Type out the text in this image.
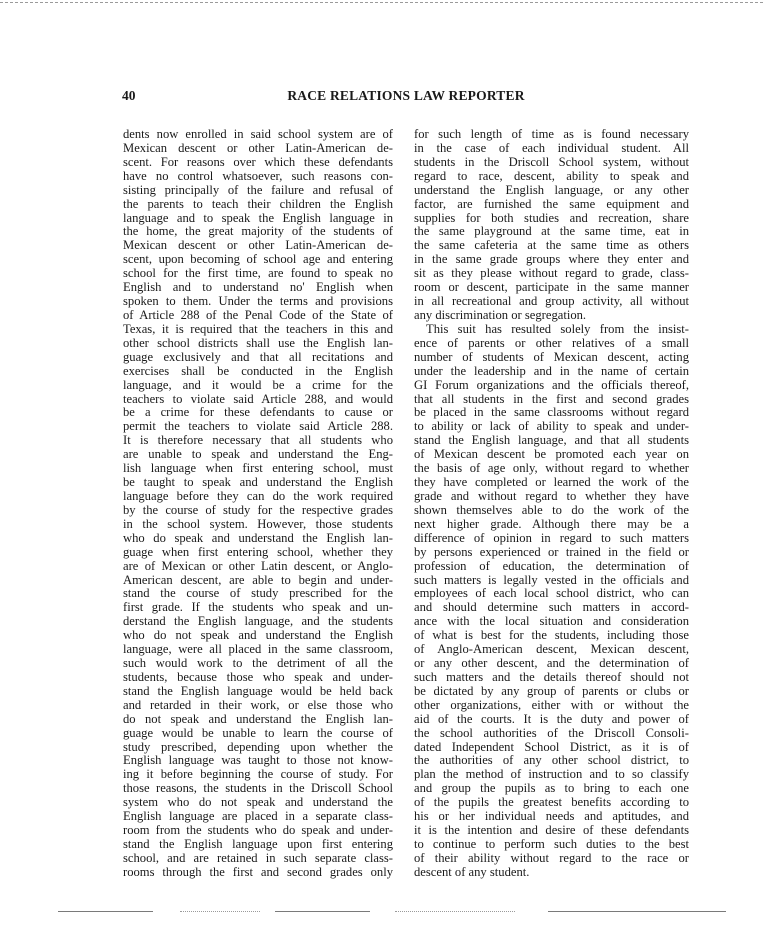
40	RACE RELATIONS LAW REPORTER
dents now enrolled in said school system are of
Mexican descent or other Latin-American de-
scent. For reasons over which these defendants
have no control whatsoever, such reasons con-
sisting principally of the failure and refusal of
the parents to teach their children the English
language and to speak the English language in
the home, the great majority of the students of
Mexican descent or other Latin-American de-
scent, upon becoming of school age and entering
school for the first time, are found to speak no
English and to understand no' English when
spoken to them. Under the terms and provisions
of Article 288 of the Penal Code of the State of
Texas, it is required that the teachers in this and
other school districts shall use the English lan-
guage exclusively and that all recitations and
exercises shall be conducted in the English
language, and it would be a crime for the
teachers to violate said Article 288, and would
be a crime for these defendants to cause or
permit the teachers to violate said Article 288.
It is therefore necessary that all students who
are unable to speak and understand the Eng-
lish language when first entering school, must
be taught to speak and understand the English
language before they can do the work required
by the course of study for the respective grades
in the school system. However, those students
who do speak and understand the English lan-
guage when first entering school, whether they
are of Mexican or other Latin descent, or Anglo-
American descent, are able to begin and under-
stand the course of study prescribed for the
first grade. If the students who speak and un-
derstand the English language, and the students
who do not speak and understand the English
language, were all placed in the same classroom,
such would work to the detriment of all the
students, because those who speak and under-
stand the English language would be held back
and retarded in their work, or else those who
do not speak and understand the English lan-
guage would be unable to learn the course of
study prescribed, depending upon whether the
English language was taught to those not know-
ing it before beginning the course of study. For
those reasons, the students in the Driscoll School
system who do not speak and understand the
English language are placed in a separate class-
room from the students who do speak and under-
stand the English language upon first entering
school, and are retained in such separate class-
rooms through the first and second grades only
for such length of time as is found necessary
in the case of each individual student. All
students in the Driscoll School system, without
regard to race, descent, ability to speak and
understand the English language, or any other
factor, are furnished the same equipment and
supplies for both studies and recreation, share
the same playground at the same time, eat in
the same cafeteria at the same time as others
in the same grade groups where they enter and
sit as they please without regard to grade, class-
room or descent, participate in the same manner
in all recreational and group activity, all without
any discrimination or segregation.
This suit has resulted solely from the insist-
ence of parents or other relatives of a small
number of students of Mexican descent, acting
under the leadership and in the name of certain
GI Forum organizations and the officials thereof,
that all students in the first and second grades
be placed in the same classrooms without regard
to ability or lack of ability to speak and under-
stand the English language, and that all students
of Mexican descent be promoted each year on
the basis of age only, without regard to whether
they have completed or learned the work of the
grade and without regard to whether they have
shown themselves able to do the work of the
next higher grade. Although there may be a
difference of opinion in regard to such matters
by persons experienced or trained in the field or
profession of education, the determination of
such matters is legally vested in the officials and
employees of each local school district, who can
and should determine such matters in accord-
ance with the local situation and consideration
of what is best for the students, including those
of Anglo-American descent, Mexican descent,
or any other descent, and the determination of
such matters and the details thereof should not
be dictated by any group of parents or clubs or
other organizations, either with or without the
aid of the courts. It is the duty and power of
the school authorities of the Driscoll Consoli-
dated Independent School District, as it is of
the authorities of any other school district, to
plan the method of instruction and to so classify
and group the pupils as to bring to each one
of the pupils the greatest benefits according to
his or her individual needs and aptitudes, and
it is the intention and desire of these defendants
to continue to perform such duties to the best
of their ability without regard to the race or
descent of any student.
